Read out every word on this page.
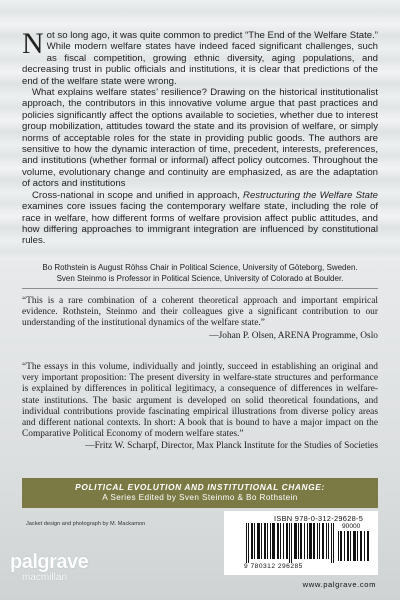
Not so long ago, it was quite common to predict “The End of the Welfare State.” While modern welfare states have indeed faced significant challenges, such as fiscal competition, growing ethnic diversity, aging populations, and decreasing trust in public officials and institutions, it is clear that predictions of the end of the welfare state were wrong.

What explains welfare states’ resilience? Drawing on the historical institutionalist approach, the contributors in this innovative volume argue that past practices and policies significantly affect the options available to societies, whether due to interest group mobilization, attitudes toward the state and its provision of welfare, or simply norms of acceptable roles for the state in providing public goods. The authors are sensitive to how the dynamic interaction of time, precedent, interests, preferences, and institutions (whether formal or informal) affect policy outcomes. Throughout the volume, evolutionary change and continuity are emphasized, as are the adaptation of actors and institutions

Cross-national in scope and unified in approach, Restructuring the Welfare State examines core issues facing the contemporary welfare state, including the role of race in welfare, how different forms of welfare provision affect public attitudes, and how differing approaches to immigrant integration are influenced by constitutional rules.

Bo Rothstein is August Röhss Chair in Political Science, University of Göteborg, Sweden.
Sven Steinmo is Professor in Political Science, University of Colorado at Boulder.

“This is a rare combination of a coherent theoretical approach and important empirical evidence. Rothstein, Steinmo and their colleagues give a significant contribution to our understanding of the institutional dynamics of the welfare state.”

—Johan P. Olsen, ARENA Programme, Oslo

“The essays in this volume, individually and jointly, succeed in establishing an original and very important proposition: The present diversity in welfare-state structures and performance is explained by differences in political legitimacy, a consequence of differences in welfare-state institutions. The basic argument is developed on solid theoretical foundations, and individual contributions provide fascinating empirical illustrations from diverse policy areas and different national contexts. In short: A book that is bound to have a major impact on the Comparative Political Economy of modern welfare states.”

—Fritz W. Scharpf, Director, Max Planck Institute for the Studies of Societies

POLITICAL EVOLUTION AND INSTITUTIONAL CHANGE:
A Series Edited by Sven Steinmo & Bo Rothstein
Jacket design and photograph by M. Mackamon
ISBN 978-0-312-29628-5
90000
9 780312 296285
palgrave
macmillan
www.palgrave.com
